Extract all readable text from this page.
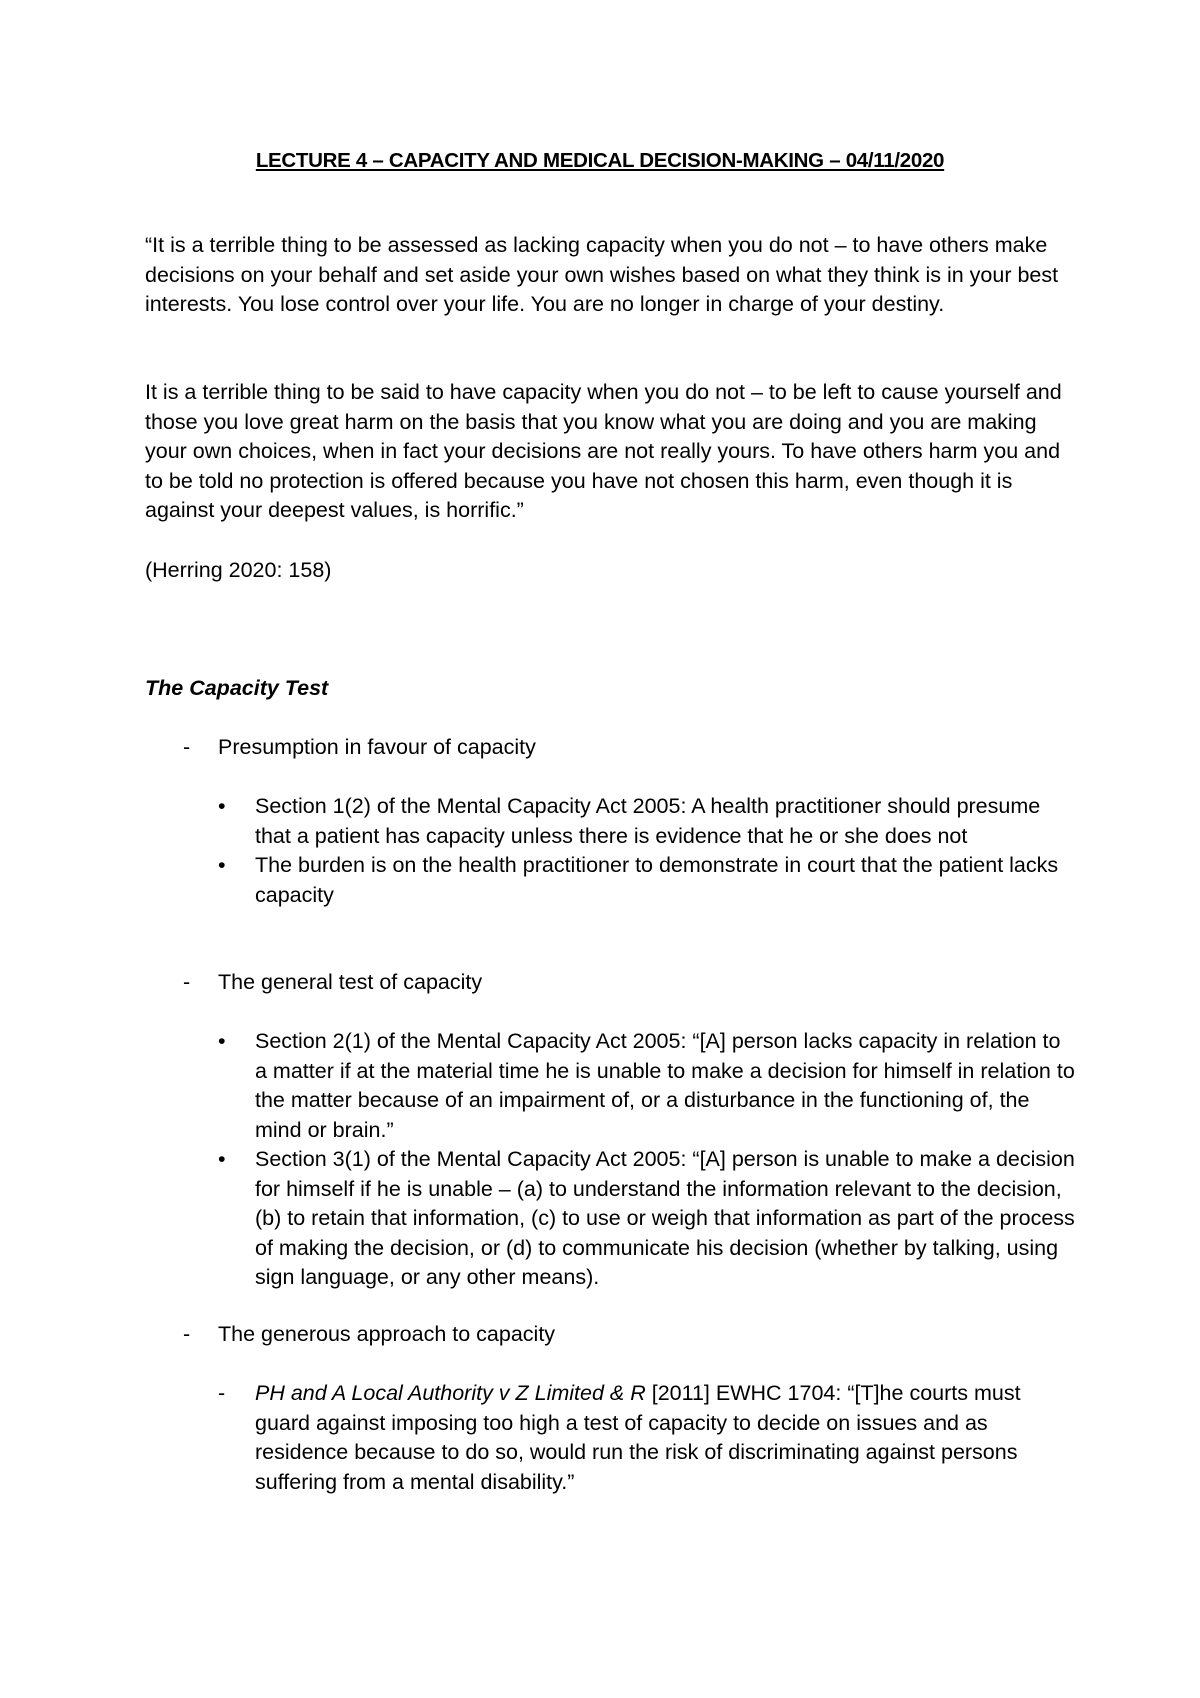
LECTURE 4 – CAPACITY AND MEDICAL DECISION-MAKING – 04/11/2020

“It is a terrible thing to be assessed as lacking capacity when you do not – to have others make decisions on your behalf and set aside your own wishes based on what they think is in your best interests. You lose control over your life. You are no longer in charge of your destiny.

It is a terrible thing to be said to have capacity when you do not – to be left to cause yourself and those you love great harm on the basis that you know what you are doing and you are making your own choices, when in fact your decisions are not really yours. To have others harm you and to be told no protection is offered because you have not chosen this harm, even though it is against your deepest values, is horrific.”

(Herring 2020: 158)

The Capacity Test
-	Presumption in favour of capacity
•	Section 1(2) of the Mental Capacity Act 2005: A health practitioner should presume that a patient has capacity unless there is evidence that he or she does not
•	The burden is on the health practitioner to demonstrate in court that the patient lacks capacity
-	The general test of capacity
•	Section 2(1) of the Mental Capacity Act 2005: “[A] person lacks capacity in relation to a matter if at the material time he is unable to make a decision for himself in relation to the matter because of an impairment of, or a disturbance in the functioning of, the mind or brain.”
•	Section 3(1) of the Mental Capacity Act 2005: “[A] person is unable to make a decision for himself if he is unable – (a) to understand the information relevant to the decision, (b) to retain that information, (c) to use or weigh that information as part of the process of making the decision, or (d) to communicate his decision (whether by talking, using sign language, or any other means).
-	The generous approach to capacity
-	PH and A Local Authority v Z Limited & R [2011] EWHC 1704: “[T]he courts must guard against imposing too high a test of capacity to decide on issues and as residence because to do so, would run the risk of discriminating against persons suffering from a mental disability.”
